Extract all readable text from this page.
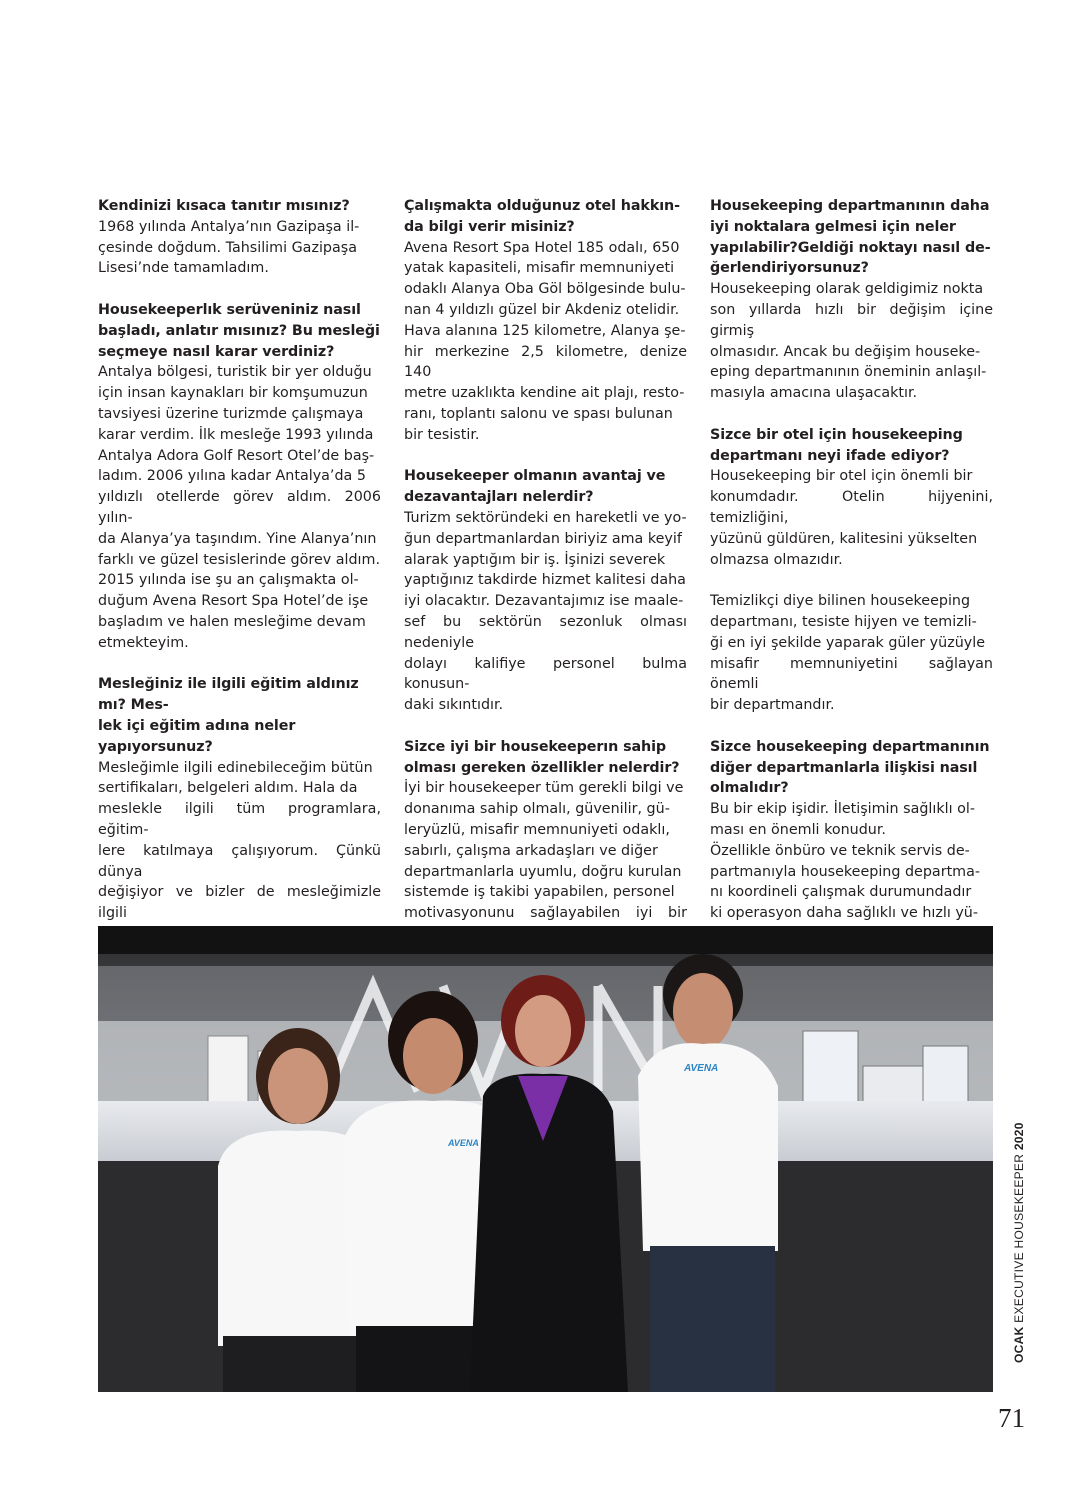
Kendinizi kısaca tanıtır mısınız?

1968 yılında Antalya’nın Gazipaşa il-
çesinde doğdum. Tahsilimi Gazipaşa
Lisesi’nde tamamladım.

Housekeeperlık serüveniniz nasıl
başladı, anlatır mısınız? Bu mesleği
seçmeye nasıl karar verdiniz?

Antalya bölgesi, turistik bir yer olduğu
için insan kaynakları bir komşumuzun
tavsiyesi üzerine turizmde çalışmaya
karar verdim. İlk mesleğe 1993 yılında
Antalya Adora Golf Resort Otel’de baş-
ladım. 2006 yılına kadar Antalya’da 5
yıldızlı otellerde görev aldım. 2006 yılın-
da Alanya’ya taşındım. Yine Alanya’nın
farklı ve güzel tesislerinde görev aldım.
2015 yılında ise şu an çalışmakta ol-
duğum Avena Resort Spa Hotel’de işe
başladım ve halen mesleğime devam
etmekteyim.

Mesleğiniz ile ilgili eğitim aldınız mı? Mes-
lek içi eğitim adına neler yapıyorsunuz?

Mesleğimle ilgili edinebileceğim bütün
sertifikaları, belgeleri aldım. Hala da
meslekle ilgili tüm programlara, eğitim-
lere katılmaya çalışıyorum. Çünkü dünya
değişiyor ve bizler de mesleğimizle ilgili

Çalışmakta olduğunuz otel hakkın-
da bilgi verir misiniz?

Avena Resort Spa Hotel 185 odalı, 650
yatak kapasiteli, misafir memnuniyeti
odaklı Alanya Oba Göl bölgesinde bulu-
nan 4 yıldızlı güzel bir Akdeniz otelidir.
Hava alanına 125 kilometre, Alanya şe-
hir merkezine 2,5 kilometre, denize 140
metre uzaklıkta kendine ait plajı, resto-
ranı, toplantı salonu ve spası bulunan
bir tesistir.

Housekeeper olmanın avantaj ve
dezavantajları nelerdir?

Turizm sektöründeki en hareketli ve yo-
ğun departmanlardan biriyiz ama keyif
alarak yaptığım bir iş. İşinizi severek
yaptığınız takdirde hizmet kalitesi daha
iyi olacaktır. Dezavantajımız ise maale-
sef bu sektörün sezonluk olması nedeniyle
dolayı kalifiye personel bulma konusun-
daki sıkıntıdır.

Sizce iyi bir housekeeperın sahip
olması gereken özellikler nelerdir?

İyi bir housekeeper tüm gerekli bilgi ve
donanıma sahip olmalı, güvenilir, gü-
leryüzlü, misafir memnuniyeti odaklı,
sabırlı, çalışma arkadaşları ve diğer
departmanlarla uyumlu, doğru kurulan
sistemde iş takibi yapabilen, personel
motivasyonunu sağlayabilen iyi bir

Housekeeping departmanının daha
iyi noktalara gelmesi için neler
yapılabilir?Geldiği noktayı nasıl de-
ğerlendiriyorsunuz?

Housekeeping olarak geldigimiz nokta
son yıllarda hızlı bir değişim içine girmiş
olmasıdır. Ancak bu değişim houseke-
eping departmanının öneminin anlaşıl-
masıyla amacına ulaşacaktır.

Sizce bir otel için housekeeping
departmanı neyi ifade ediyor?

Housekeeping bir otel için önemli bir
konumdadır. Otelin hijyenini, temizliğini,
yüzünü güldüren, kalitesini yükselten
olmazsa olmazıdır.

Temizlikçi diye bilinen housekeeping
departmanı, tesiste hijyen ve temizli-
ği en iyi şekilde yaparak güler yüzüyle
misafir memnuniyetini sağlayan önemli
bir departmandır.

Sizce housekeeping departmanının
diğer departmanlarla ilişkisi nasıl
olmalıdır?

Bu bir ekip işidir. İletişimin sağlıklı ol-
ması en önemli konudur.
Özellikle önbüro ve teknik servis de-
partmanıyla housekeeping departma-
nı koordineli çalışmak durumundadır
ki operasyon daha sağlıklı ve hızlı yü-

AVENA
AVENA
OCAK EXECUTIVE HOUSEKEEPER 2020
71
